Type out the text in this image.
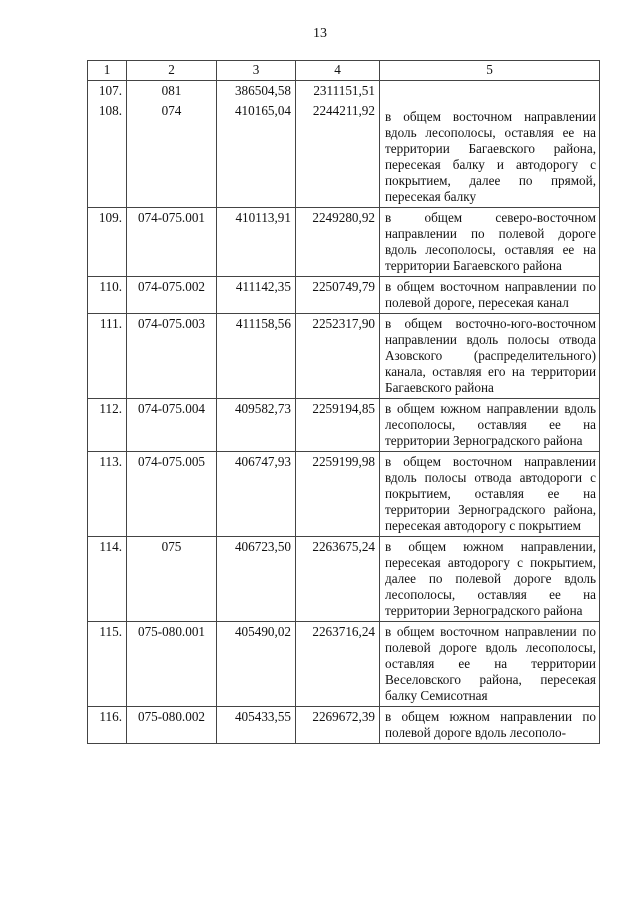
13
1	2	3	4	5
107.	081	386504,58	2311151,51	
108.	074	410165,04	2244211,92	в общем восточном направлении вдоль лесополосы, оставляя ее на территории Багаевского района, пересекая балку и автодорогу с покрытием, далее по прямой, пересекая балку
109.	074-075.001	410113,91	2249280,92	в общем северо-восточном направлении по полевой дороге вдоль лесополосы, оставляя ее на территории Багаевского района
110.	074-075.002	411142,35	2250749,79	в общем восточном направлении по полевой дороге, пересекая канал
111.	074-075.003	411158,56	2252317,90	в общем восточно-юго-восточном направлении вдоль полосы отвода Азовского (распределительного) канала, оставляя его на территории Багаевского района
112.	074-075.004	409582,73	2259194,85	в общем южном направлении вдоль лесополосы, оставляя ее на территории Зерноградского района
113.	074-075.005	406747,93	2259199,98	в общем восточном направлении вдоль полосы отвода автодороги с покрытием, оставляя ее на территории Зерноградского района, пересекая автодорогу с покрытием
114.	075	406723,50	2263675,24	в общем южном направлении, пересекая автодорогу с покрытием, далее по полевой дороге вдоль лесополосы, оставляя ее на территории Зерноградского района
115.	075-080.001	405490,02	2263716,24	в общем восточном направлении по полевой дороге вдоль лесополосы, оставляя ее на территории Веселовского района, пересекая балку Семисотная
116.	075-080.002	405433,55	2269672,39	в общем южном направлении по полевой дороге вдоль лесополо-
